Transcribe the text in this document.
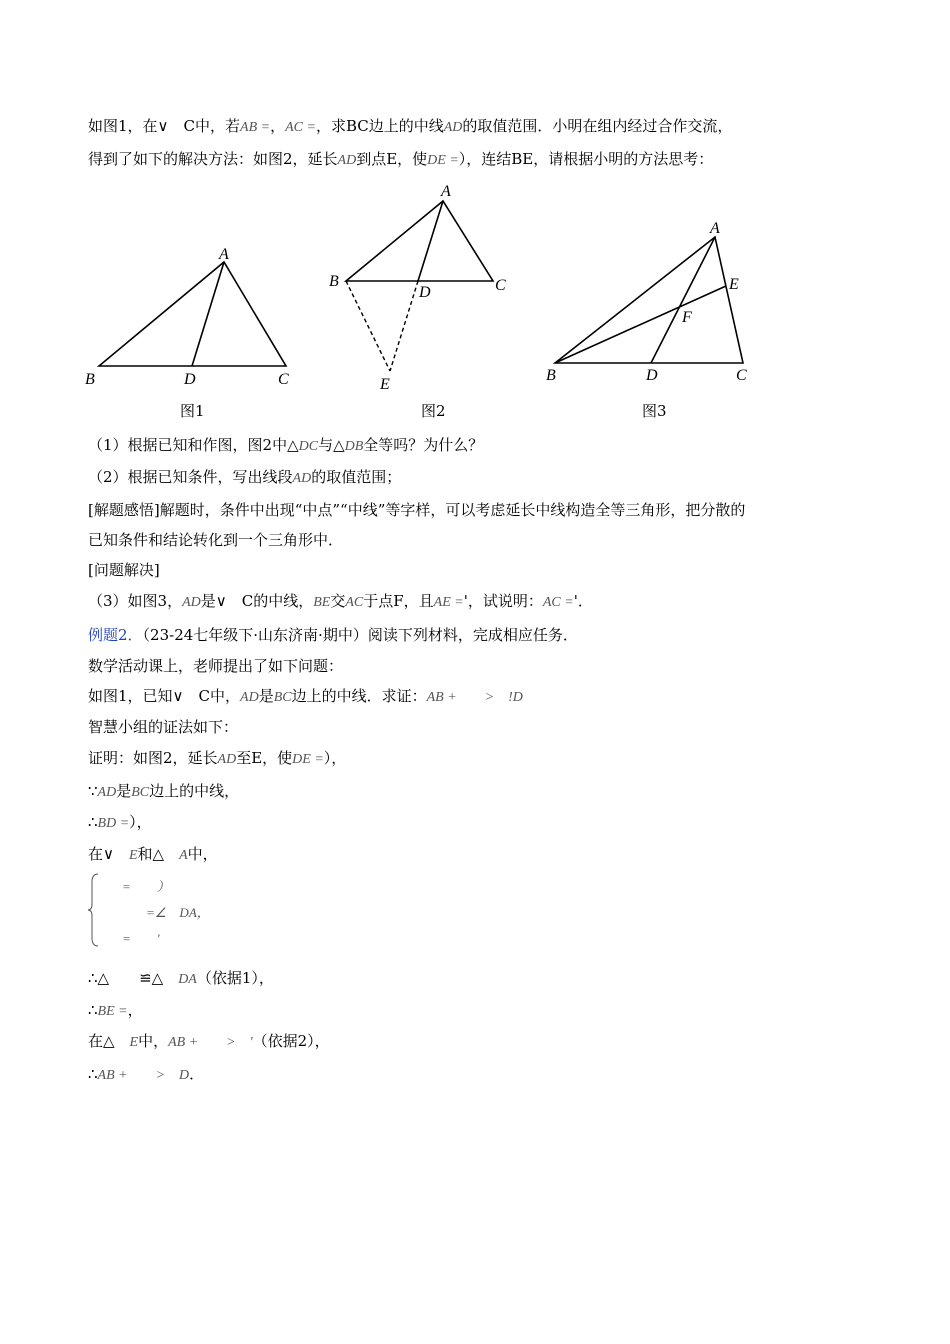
如图1，在∨　C中，若AB =，AC =，求BC边上的中线AD的取值范围．小明在组内经过合作交流，
得到了如下的解决方法：如图2，延长AD到点E，使DE =），连结BE，请根据小明的方法思考：
A
B	C
D
图1
A
B	C
D
E
图2
A
B	C
D
E
F
图3
（1）根据已知和作图，图2中△DC与△DB全等吗？为什么？
（2）根据已知条件，写出线段AD的取值范围；
[解题感悟]解题时，条件中出现“中点”“中线”等字样，可以考虑延长中线构造全等三角形，把分散的
已知条件和结论转化到一个三角形中．
[问题解决]
（3）如图3，AD是∨　C的中线，BE交AC于点F，且AE ='，试说明：AC ='．
例题2．（23-24七年级下·山东济南·期中）阅读下列材料，完成相应任务．
数学活动课上，老师提出了如下问题：
如图1，已知∨　C中，AD是BC边上的中线．求证：AB +　　>　!D
智慧小组的证法如下：
证明：如图2，延长AD至E，使DE =），
∵AD是BC边上的中线，
∴BD =），
在∨　E和△　A中，
=　　）
=∠　DA，
=　　'
∴△　　≌△　DA（依据1），
∴BE =，
在△　E中，AB +　　>　'（依据2），
∴AB +　　>　D．
